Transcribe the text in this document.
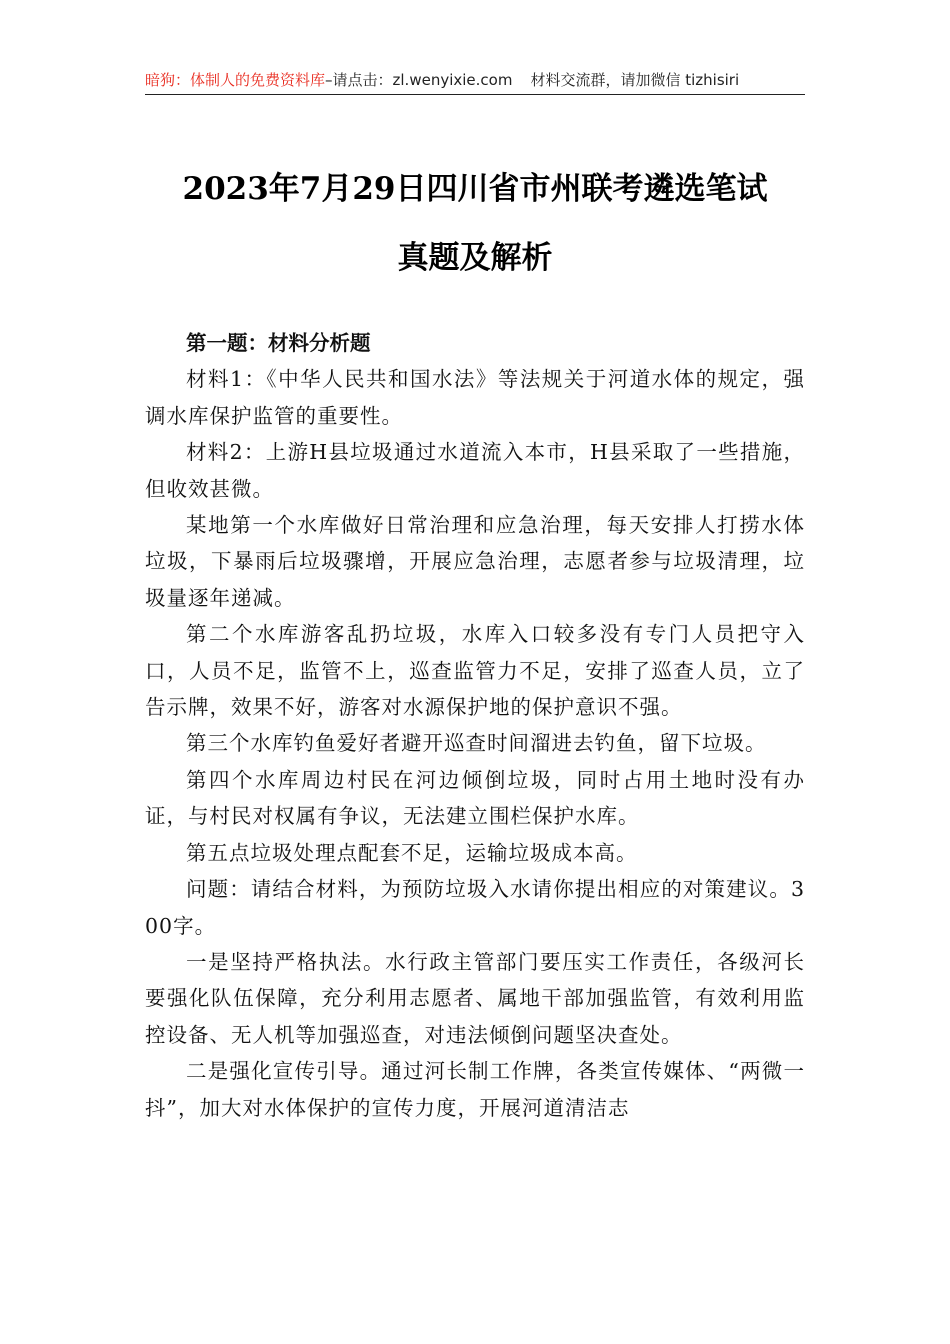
暗狗：体制人的免费资料库–请点击：zl.wenyixie.com 材料交流群，请加微信 tizhisiri
2023年7月29日四川省市州联考遴选笔试
真题及解析

第一题：材料分析题

材料1：《中华人民共和国水法》等法规关于河道水体的规定，强调水库保护监管的重要性。

材料2：上游H县垃圾通过水道流入本市，H县采取了一些措施，但收效甚微。

某地第一个水库做好日常治理和应急治理，每天安排人打捞水体垃圾，下暴雨后垃圾骤增，开展应急治理，志愿者参与垃圾清理，垃圾量逐年递减。

第二个水库游客乱扔垃圾，水库入口较多没有专门人员把守入口，人员不足，监管不上，巡查监管力不足，安排了巡查人员，立了告示牌，效果不好，游客对水源保护地的保护意识不强。

第三个水库钓鱼爱好者避开巡查时间溜进去钓鱼，留下垃圾。

第四个水库周边村民在河边倾倒垃圾，同时占用土地时没有办证，与村民对权属有争议，无法建立围栏保护水库。

第五点垃圾处理点配套不足，运输垃圾成本高。

问题：请结合材料，为预防垃圾入水请你提出相应的对策建议。300字。

一是坚持严格执法。水行政主管部门要压实工作责任，各级河长要强化队伍保障，充分利用志愿者、属地干部加强监管，有效利用监控设备、无人机等加强巡查，对违法倾倒问题坚决查处。

二是强化宣传引导。通过河长制工作牌，各类宣传媒体、“两微一 抖”，加大对水体保护的宣传力度，开展河道清洁志
